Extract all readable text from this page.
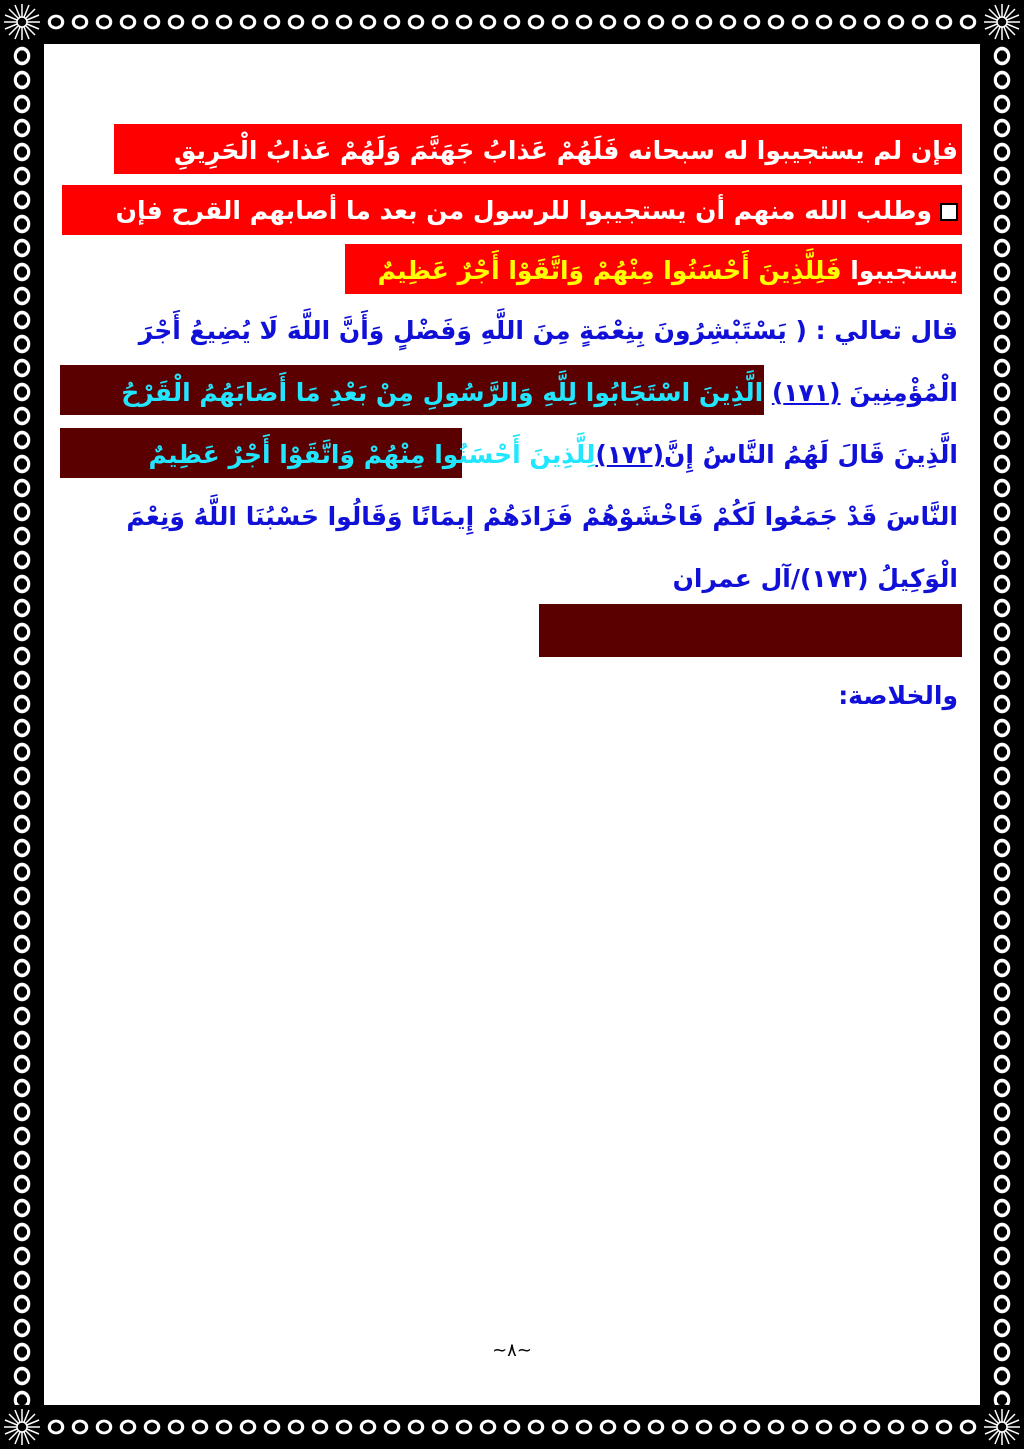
فإن لم يستجيبوا له سبحانه فَلَهُمْ عَذابُ جَهَنَّمَ وَلَهُمْ عَذابُ الْحَرِيقِ
وطلب الله منهم أن يستجيبوا للرسول من بعد ما أصابهم القرح فإن
يستجيبوا فَلِلَّذِينَ أَحْسَنُوا مِنْهُمْ وَاتَّقَوْا أَجْرٌ عَظِيمٌ
قال تعالي : ( يَسْتَبْشِرُونَ بِنِعْمَةٍ مِنَ اللَّهِ وَفَضْلٍ وَأَنَّ اللَّهَ لَا يُضِيعُ أَجْرَ
الْمُؤْمِنِينَ (١٧١) الَّذِينَ اسْتَجَابُوا لِلَّهِ وَالرَّسُولِ مِنْ بَعْدِ مَا أَصَابَهُمُ الْقَرْحُ
الَّذِينَ قَالَ لَهُمُ النَّاسُ إِنَّ(١٧٢)لِلَّذِينَ أَحْسَنُوا مِنْهُمْ وَاتَّقَوْا أَجْرٌ عَظِيمٌ
النَّاسَ قَدْ جَمَعُوا لَكُمْ فَاخْشَوْهُمْ فَزَادَهُمْ إِيمَانًا وَقَالُوا حَسْبُنَا اللَّهُ وَنِعْمَ
الْوَكِيلُ (١٧٣)/آل عمران
والخلاصة:
~٨~
